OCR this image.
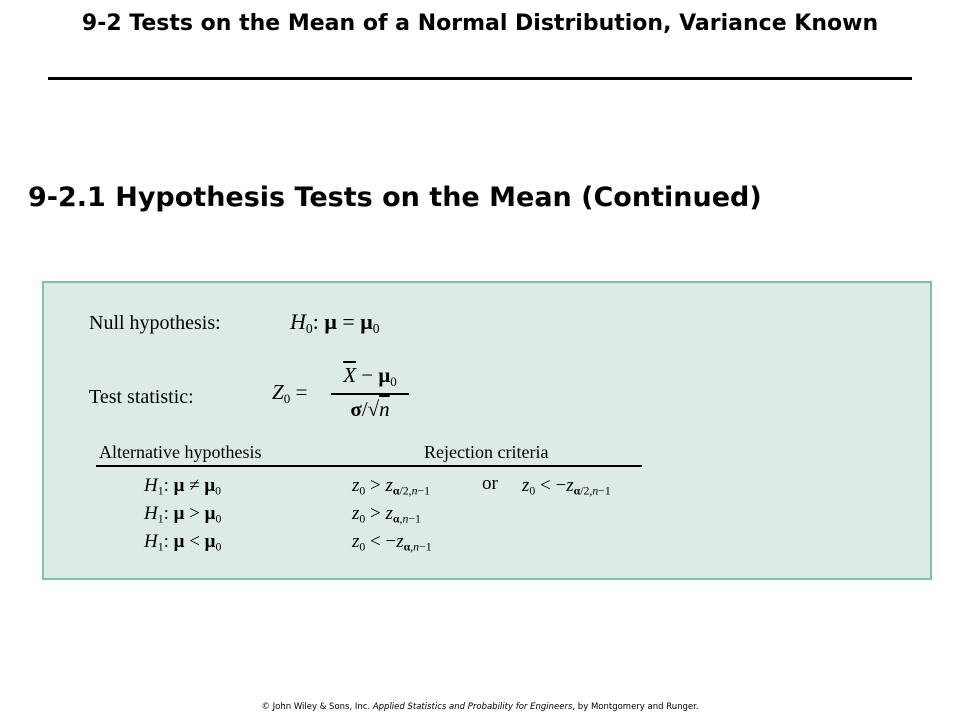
9-2 Tests on the Mean of a Normal Distribution, Variance Known
9-2.1 Hypothesis Tests on the Mean (Continued)
Null hypothesis:	$H_0$: $\mu = \mu_0$
Test statistic:	$Z_0$ =
$\overline{X} - \mu_0$
σ/√n
Alternative hypothesis	Rejection criteria
$H_1$: $\mu \ne \mu_0$	$z_0 > z_{\alpha/2,n-1}$	or $z_0 < -z_{\alpha/2,n-1}$
$H_1$: $\mu > \mu_0$	$z_0 > z_{\alpha,n-1}$
$H_1$: $\mu < \mu_0$	$z_0 < -z_{\alpha,n-1}$
© John Wiley & Sons, Inc. Applied Statistics and Probability for Engineers, by Montgomery and Runger.
